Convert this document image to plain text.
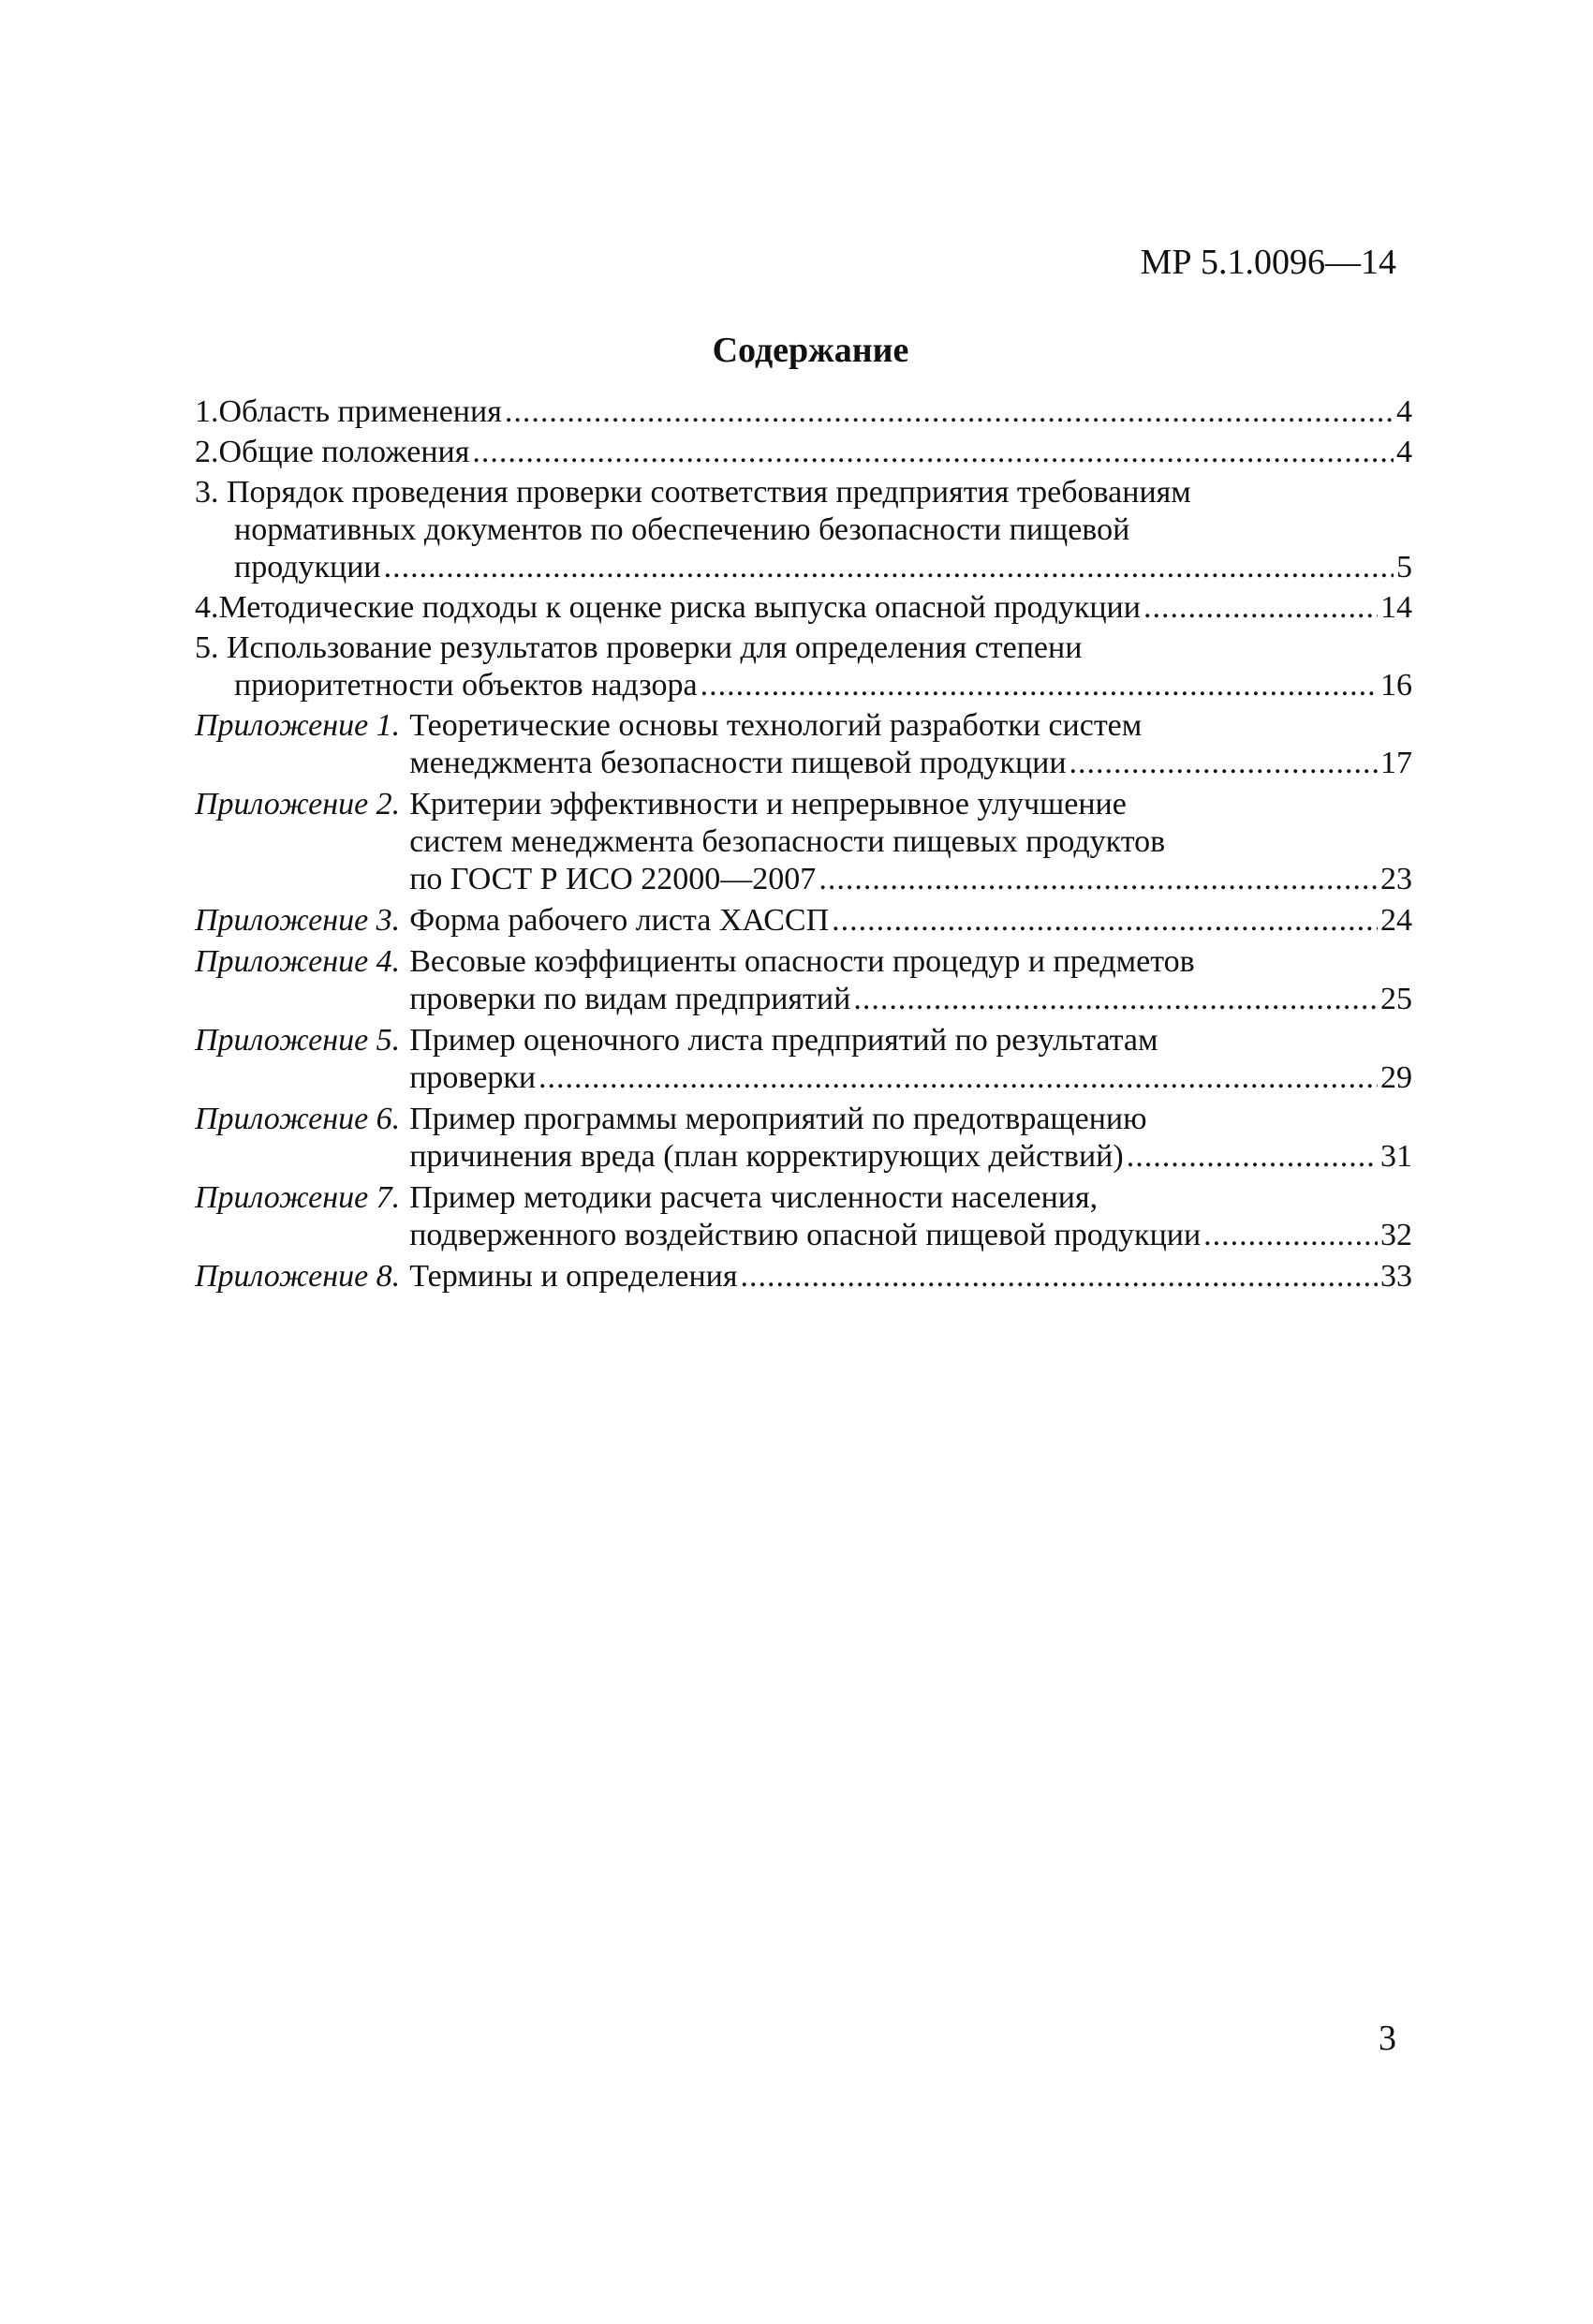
МР 5.1.0096—14
Содержание
1. Область применения .....	4
2. Общие положения .....	4
3. Порядок проведения проверки соответствия предприятия требованиям
нормативных документов по обеспечению безопасности пищевой
продукции .....	5
4. Методические подходы к оценке риска выпуска опасной продукции .....	14
5. Использование результатов проверки для определения степени
приоритетности объектов надзора .....	16
Приложение 1. Теоретические основы технологий разработки систем
менеджмента безопасности пищевой продукции .....	17
Приложение 2. Критерии эффективности и непрерывное улучшение
систем менеджмента безопасности пищевых продуктов
по ГОСТ Р ИСО 22000—2007 .....	23
Приложение 3. Форма рабочего листа ХАССП .....	24
Приложение 4. Весовые коэффициенты опасности процедур и предметов
проверки по видам предприятий .....	25
Приложение 5. Пример оценочного листа предприятий по результатам
проверки .....	29
Приложение 6. Пример программы мероприятий по предотвращению
причинения вреда (план корректирующих действий) .....	31
Приложение 7. Пример методики расчета численности населения,
подверженного воздействию опасной пищевой продукции .....	32
Приложение 8. Термины и определения .....	33
3
